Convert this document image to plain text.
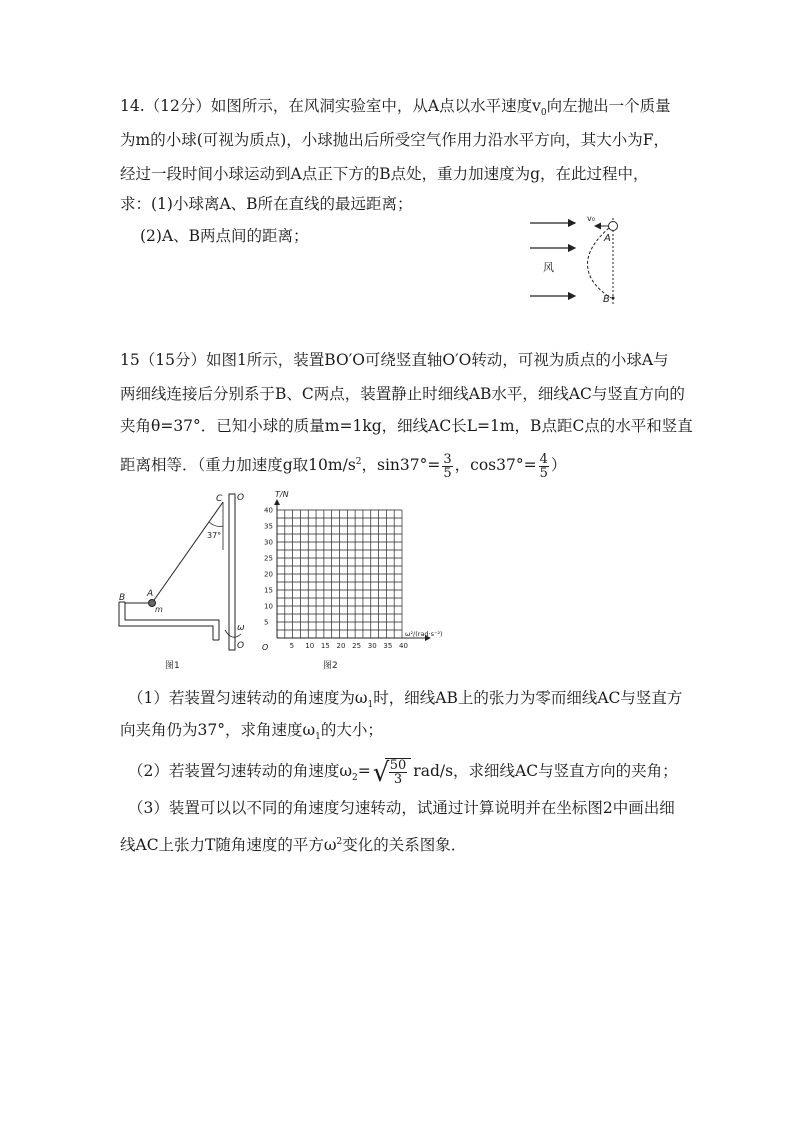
14.（12分）如图所示，在风洞实验室中，从A点以水平速度$v_0$向左抛出一个质量
为m的小球(可视为质点)，小球抛出后所受空气作用力沿水平方向，其大小为F，
经过一段时间小球运动到A点正下方的B点处，重力加速度为g，在此过程中，
求：(1)小球离A、B所在直线的最远距离；
(2)A、B两点间的距离；
风
v₀
A
B
15（15分）如图1所示，装置BO′O可绕竖直轴O′O转动，可视为质点的小球A与
两细线连接后分别系于B、C两点，装置静止时细线AB水平，细线AC与竖直方向的
夹角θ=37°．已知小球的质量m=1kg，细线AC长L=1m，B点距C点的水平和竖直
距离相等．（重力加速度g取$10m/s^2$，$\sin 37^\circ= \frac{3}{5}$ ，$\cos 37^\circ= \frac{4}{5}$ ）
37°
A
m
B
C O
O
ω
图1
5 10 15 20 25 30 35 40
5
10
15
20
25
30
35
40
T/N
ω²/(rad·s⁻²)
O
图2
（1）若装置匀速转动的角速度为$\omega_1$时，细线AB上的张力为零而细线AC与竖直方
向夹角仍为37°，求角速度$\omega_1$的大小；
（2）若装置匀速转动的角速度$\omega_2=$ √ $\frac{50}{3} rad/s$，求细线AC与竖直方向的夹角；
（3）装置可以以不同的角速度匀速转动，试通过计算说明并在坐标图2中画出细
线AC上张力T随角速度的平方$\omega^2$变化的关系图象．
